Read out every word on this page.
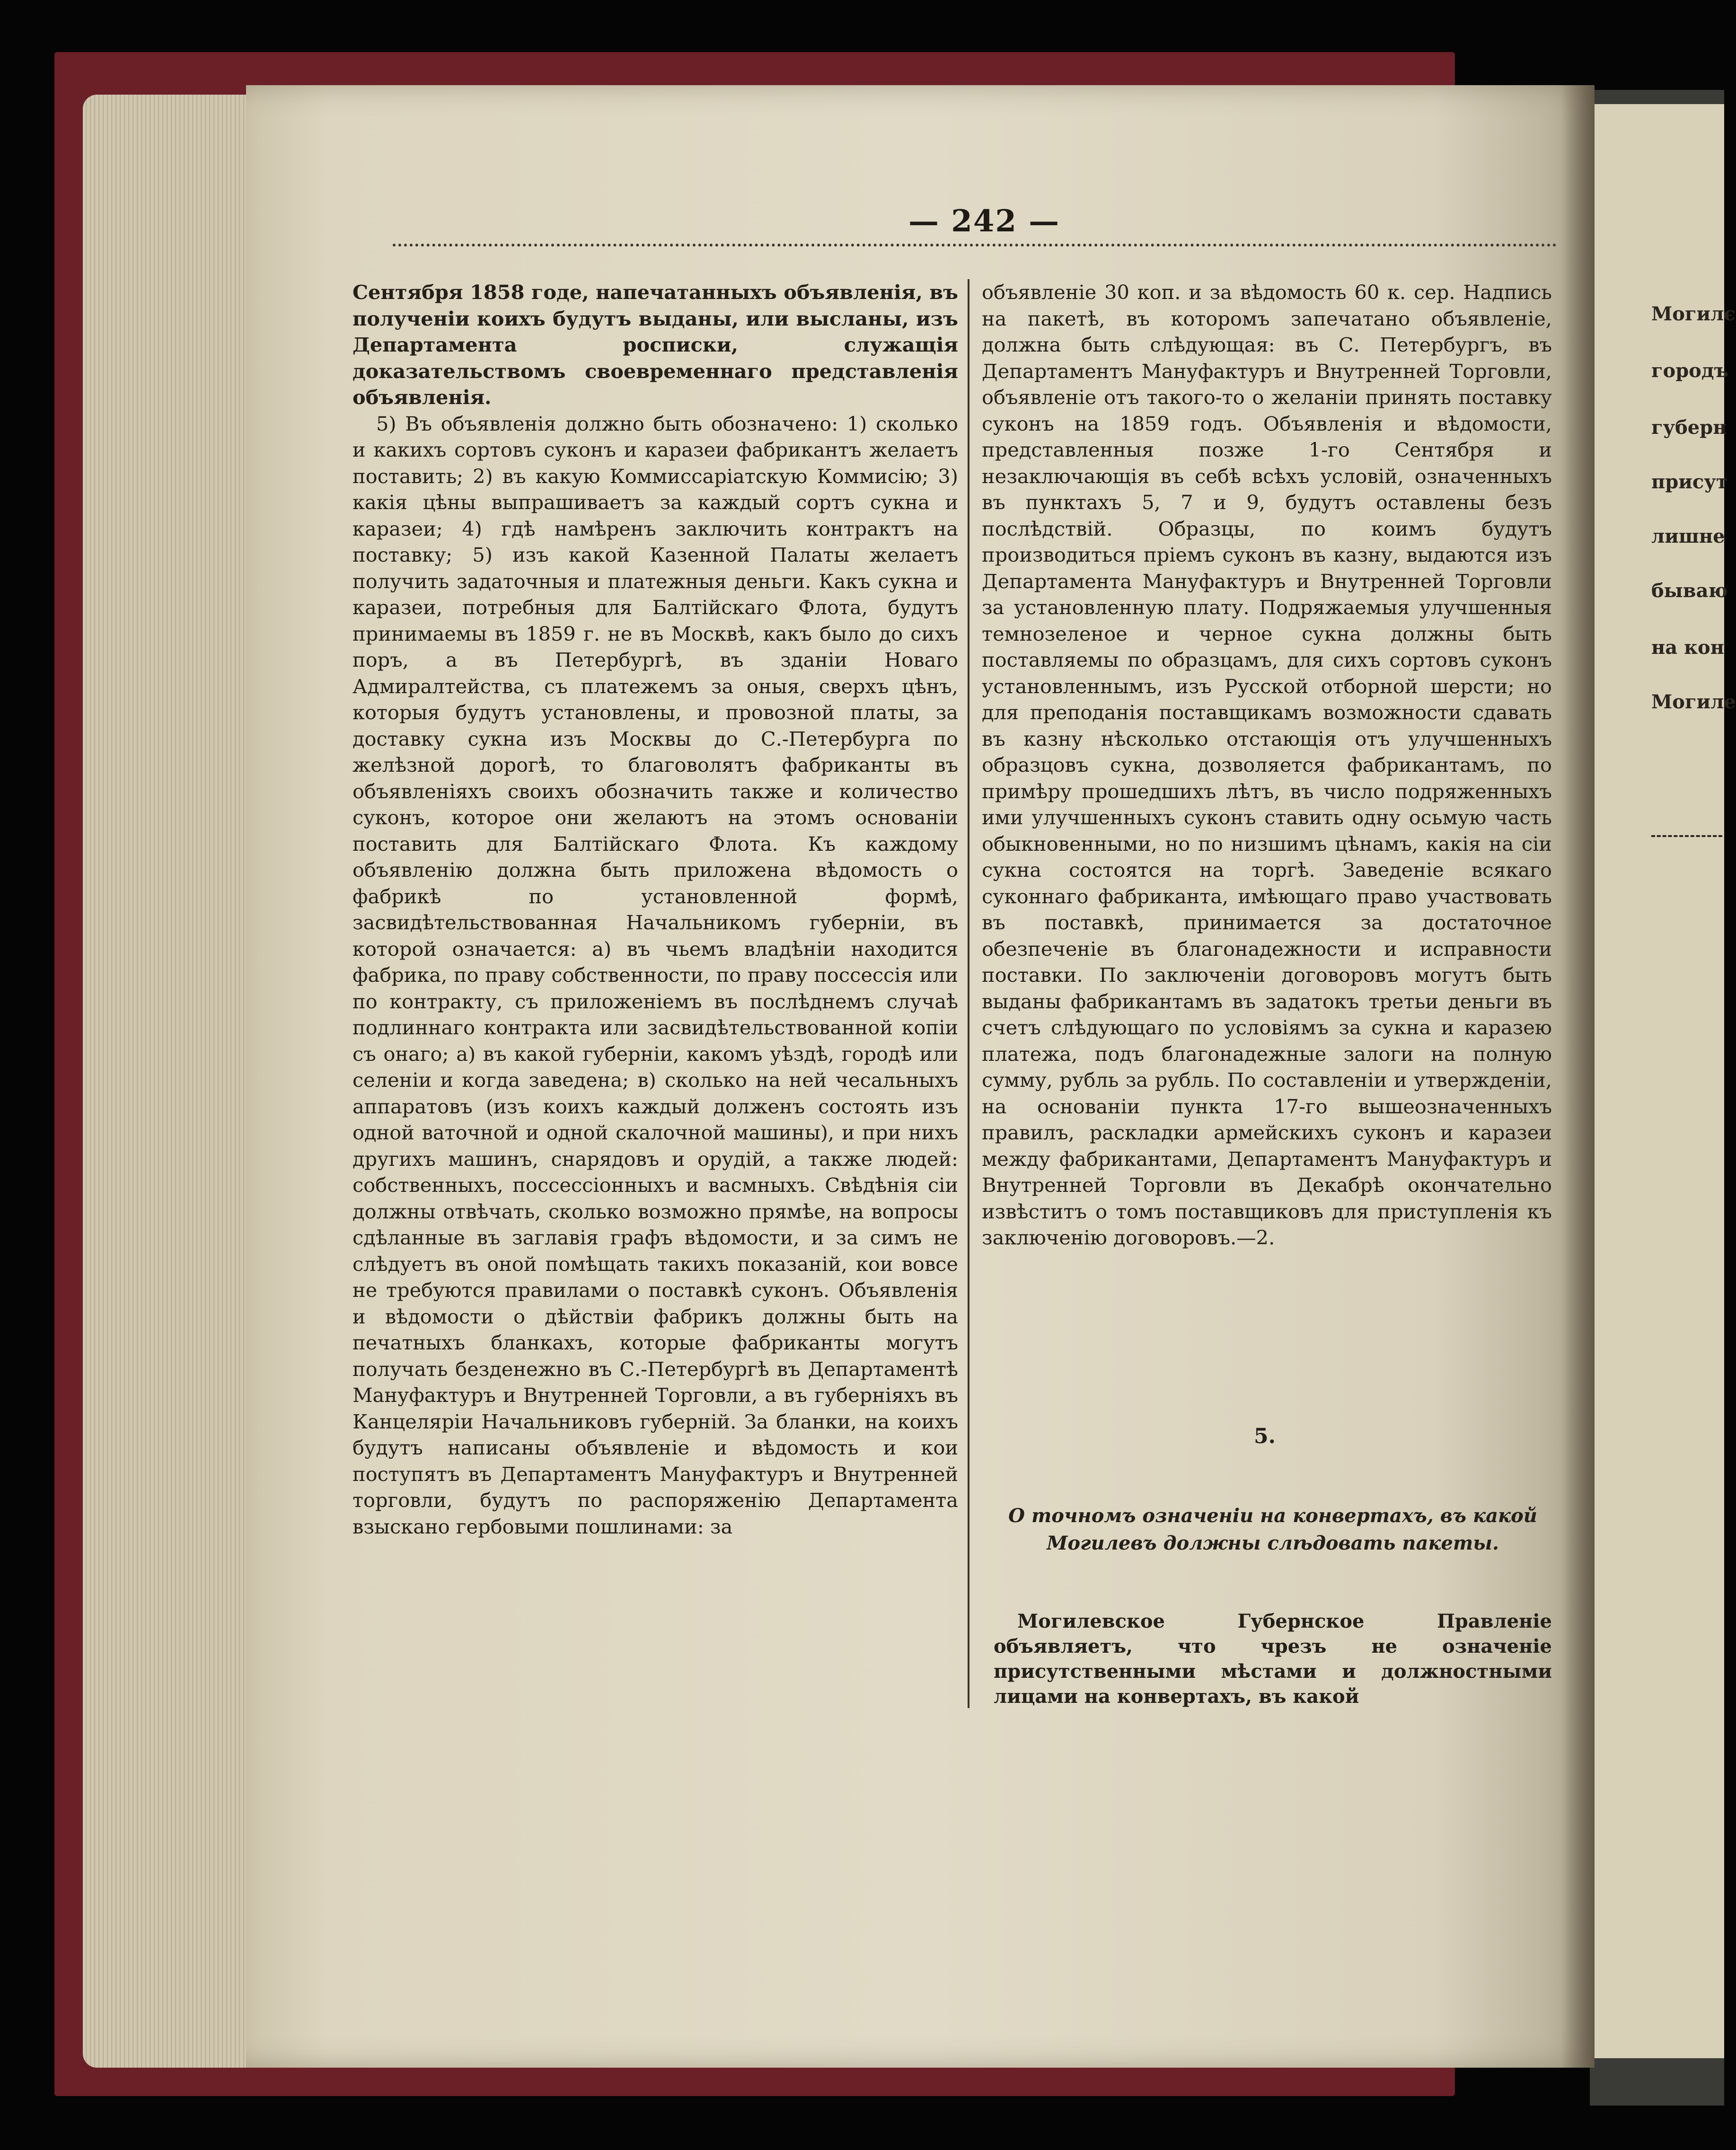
Могилє
городъ
губерн
присут
лишне
бываю
на кон
Могиле
— 242 —

Сентября 1858 годе, напечатанныхъ объявленія, въ полученіи коихъ будутъ выданы, или высланы, изъ Департамента росписки, служащія доказательствомъ своевременнаго представленія объявленія.

5) Въ объявленія должно быть обозначено: 1) сколько и какихъ сортовъ суконъ и каразеи фабрикантъ желаетъ поставить; 2) въ какую Коммиссаріатскую Коммисію; 3) какія цѣны выпрашиваетъ за каждый сортъ сукна и каразеи; 4) гдѣ намѣренъ заключить контрактъ на поставку; 5) изъ какой Казенной Палаты желаетъ получить задаточныя и платежныя деньги. Какъ сукна и каразеи, потребныя для Балтійскаго Флота, будутъ принимаемы въ 1859 г. не въ Москвѣ, какъ было до сихъ поръ, а въ Петербургѣ, въ зданіи Новаго Адмиралтейства, съ платежемъ за оныя, сверхъ цѣнъ, которыя будутъ установлены, и провозной платы, за доставку сукна изъ Москвы до С.-Петербурга по желѣзной дорогѣ, то благоволятъ фабриканты въ объявленіяхъ своихъ обозначить также и количество суконъ, которое они желаютъ на этомъ основаніи поставить для Балтійскаго Флота. Къ каждому объявленію должна быть приложена вѣдомость о фабрикѣ по установленной формѣ, засвидѣтельствованная Начальникомъ губерніи, въ которой означается: а) въ чьемъ владѣніи находится фабрика, по праву собственности, по праву поссессія или по контракту, съ приложеніемъ въ послѣднемъ случаѣ подлиннаго контракта или засвидѣтельствованной копіи съ онаго; а) въ какой губерніи, какомъ уѣздѣ, городѣ или селеніи и когда заведена; в) сколько на ней чесальныхъ аппаратовъ (изъ коихъ каждый долженъ состоять изъ одной ваточной и одной скалочной машины), и при нихъ другихъ машинъ, снарядовъ и орудій, а также людей: собственныхъ, поссессіонныхъ и васмныхъ. Свѣдѣнія сіи должны отвѣчать, сколько возможно прямѣе, на вопросы сдѣланные въ заглавія графъ вѣдомости, и за симъ не слѣдуетъ въ оной помѣщать такихъ показаній, кои вовсе не требуются правилами о поставкѣ суконъ. Объявленія и вѣдомости о дѣйствіи фабрикъ должны быть на печатныхъ бланкахъ, которые фабриканты могутъ получать безденежно въ С.-Петербургѣ въ Департаментѣ Мануфактуръ и Внутренней Торговли, а въ губерніяхъ въ Канцеляріи Начальниковъ губерній. За бланки, на коихъ будутъ написаны объявленіе и вѣдомость и кои поступятъ въ Департаментъ Мануфактуръ и Внутренней торговли, будутъ по распоряженію Департамента взыскано гербовыми пошлинами: за

объявленіе 30 коп. и за вѣдомость 60 к. сер. Надпись на пакетѣ, въ которомъ запечатано объявленіе, должна быть слѣдующая: въ С. Петербургъ, въ Департаментъ Мануфактуръ и Внутренней Торговли, объявленіе отъ такого-то о желаніи принять поставку суконъ на 1859 годъ. Объявленія и вѣдомости, представленныя позже 1-го Сентября и незаключающія въ себѣ всѣхъ условій, означенныхъ въ пунктахъ 5, 7 и 9, будутъ оставлены безъ послѣдствій. Образцы, по коимъ будутъ производиться пріемъ суконъ въ казну, выдаются изъ Департамента Мануфактуръ и Внутренней Торговли за установленную плату. Подряжаемыя улучшенныя темнозеленое и черное сукна должны быть поставляемы по образцамъ, для сихъ сортовъ суконъ установленнымъ, изъ Русской отборной шерсти; но для преподанія поставщикамъ возможности сдавать въ казну нѣсколько отстающія отъ улучшенныхъ образцовъ сукна, дозволяется фабрикантамъ, по примѣру прошедшихъ лѣтъ, въ число подряженныхъ ими улучшенныхъ суконъ ставить одну осьмую часть обыкновенными, но по низшимъ цѣнамъ, какія на сіи сукна состоятся на торгѣ. Заведеніе всякаго суконнаго фабриканта, имѣющаго право участвовать въ поставкѣ, принимается за достаточное обезпеченіе въ благонадежности и исправности поставки. По заключеніи договоровъ могутъ быть выданы фабрикантамъ въ задатокъ третьи деньги въ счетъ слѣдующаго по условіямъ за сукна и каразею платежа, подъ благонадежные залоги на полную сумму, рубль за рубль. По составленіи и утвержденіи, на основаніи пункта 17-го вышеозначенныхъ правилъ, раскладки армейскихъ суконъ и каразеи между фабрикантами, Департаментъ Мануфактуръ и Внутренней Торговли въ Декабрѣ окончательно извѣститъ о томъ поставщиковъ для приступленія къ заключенію договоровъ.—2.

5.
О точномъ означеніи на конвертахъ, въ какой Могилевъ должны слѣдовать пакеты.
Могилевское Губернское Правленіе объявляетъ, что чрезъ не означеніе присутственными мѣстами и должностными лицами на конвертахъ, въ какой
